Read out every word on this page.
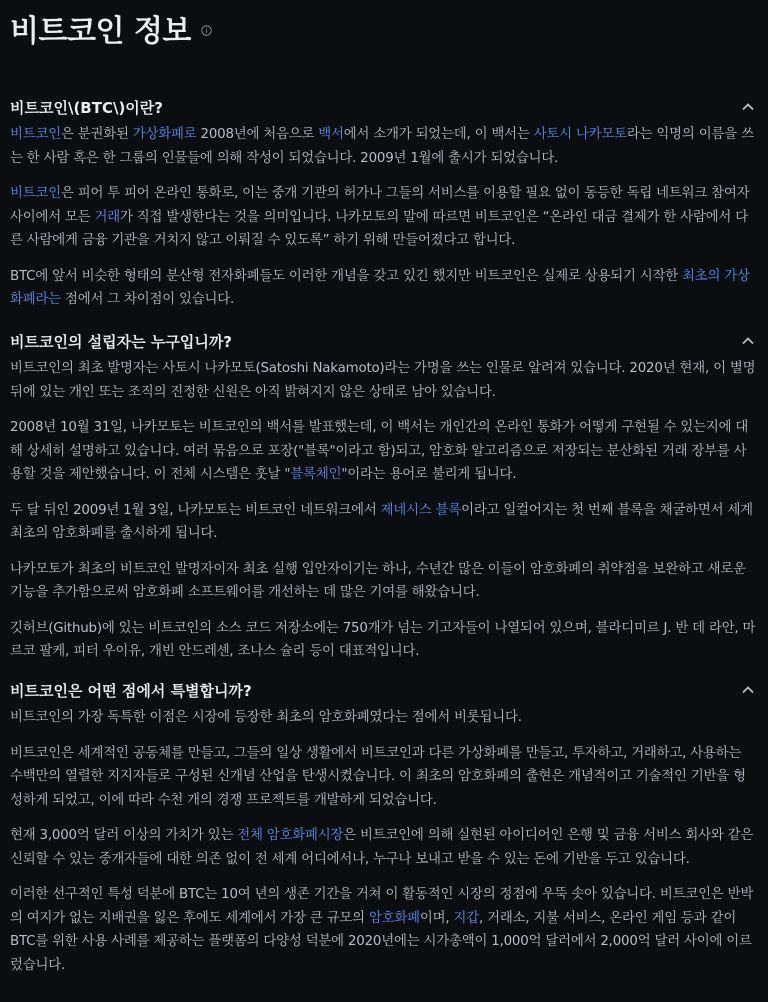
비트코인 정보
비트코인\(BTC\)이란?

비트코인은 분권화된 가상화폐로 2008년에 처음으로 백서에서 소개가 되었는데, 이 백서는 사토시 나카모토라는 익명의 이름을 쓰는 한 사람 혹은 한 그룹의 인물들에 의해 작성이 되었습니다. 2009년 1월에 출시가 되었습니다.

비트코인은 피어 투 피어 온라인 통화로, 이는 중개 기관의 허가나 그들의 서비스를 이용할 필요 없이 동등한 독립 네트워크 참여자 사이에서 모든 거래가 직접 발생한다는 것을 의미입니다. 나카모토의 말에 따르면 비트코인은 “온라인 대금 결제가 한 사람에서 다른 사람에게 금융 기관을 거치지 않고 이뤄질 수 있도록” 하기 위해 만들어졌다고 합니다.

BTC에 앞서 비슷한 형태의 분산형 전자화폐들도 이러한 개념을 갖고 있긴 했지만 비트코인은 실제로 상용되기 시작한 최초의 가상화폐라는 점에서 그 차이점이 있습니다.

비트코인의 설립자는 누구입니까?

비트코인의 최초 발명자는 사토시 나카모토(Satoshi Nakamoto)라는 가명을 쓰는 인물로 알려져 있습니다. 2020년 현재, 이 별명 뒤에 있는 개인 또는 조직의 진정한 신원은 아직 밝혀지지 않은 상태로 남아 있습니다.

2008년 10월 31일, 나카모토는 비트코인의 백서를 발표했는데, 이 백서는 개인간의 온라인 통화가 어떻게 구현될 수 있는지에 대해 상세히 설명하고 있습니다. 여러 묶음으로 포장("블록"이라고 함)되고, 암호화 알고리즘으로 저장되는 분산화된 거래 장부를 사용할 것을 제안했습니다. 이 전체 시스템은 훗날 "블록체인"이라는 용어로 불리게 됩니다.

두 달 뒤인 2009년 1월 3일, 나카모토는 비트코인 네트워크에서 제네시스 블록이라고 일컬어지는 첫 번째 블록을 채굴하면서 세계 최초의 암호화폐를 출시하게 됩니다.

나카모토가 최초의 비트코인 발명자이자 최초 실행 입안자이기는 하나, 수년간 많은 이들이 암호화폐의 취약점을 보완하고 새로운 기능을 추가함으로써 암호화폐 소프트웨어를 개선하는 데 많은 기여를 해왔습니다.

깃허브(Github)에 있는 비트코인의 소스 코드 저장소에는 750개가 넘는 기고자들이 나열되어 있으며, 블라디미르 J. 반 데 라안, 마르코 팔케, 피터 우이유, 개빈 안드레센, 조나스 슐리 등이 대표적입니다.

비트코인은 어떤 점에서 특별합니까?

비트코인의 가장 독특한 이점은 시장에 등장한 최초의 암호화폐였다는 점에서 비롯됩니다.

비트코인은 세계적인 공동체를 만들고, 그들의 일상 생활에서 비트코인과 다른 가상화폐를 만들고, 투자하고, 거래하고, 사용하는 수백만의 열렬한 지지자들로 구성된 신개념 산업을 탄생시켰습니다. 이 최초의 암호화폐의 출현은 개념적이고 기술적인 기반을 형성하게 되었고, 이에 따라 수천 개의 경쟁 프로젝트를 개발하게 되었습니다.

현재 3,000억 달러 이상의 가치가 있는 전체 암호화폐시장은 비트코인에 의해 실현된 아이디어인 은행 및 금융 서비스 회사와 같은 신뢰할 수 있는 중개자들에 대한 의존 없이 전 세계 어디에서나, 누구나 보내고 받을 수 있는 돈에 기반을 두고 있습니다.

이러한 선구적인 특성 덕분에 BTC는 10여 년의 생존 기간을 거쳐 이 활동적인 시장의 정점에 우뚝 솟아 있습니다. 비트코인은 반박의 여지가 없는 지배권을 잃은 후에도 세계에서 가장 큰 규모의 암호화폐이며, 지갑, 거래소, 지불 서비스, 온라인 게임 등과 같이 BTC를 위한 사용 사례를 제공하는 플랫폼의 다양성 덕분에 2020년에는 시가총액이 1,000억 달러에서 2,000억 달러 사이에 이르렀습니다.
